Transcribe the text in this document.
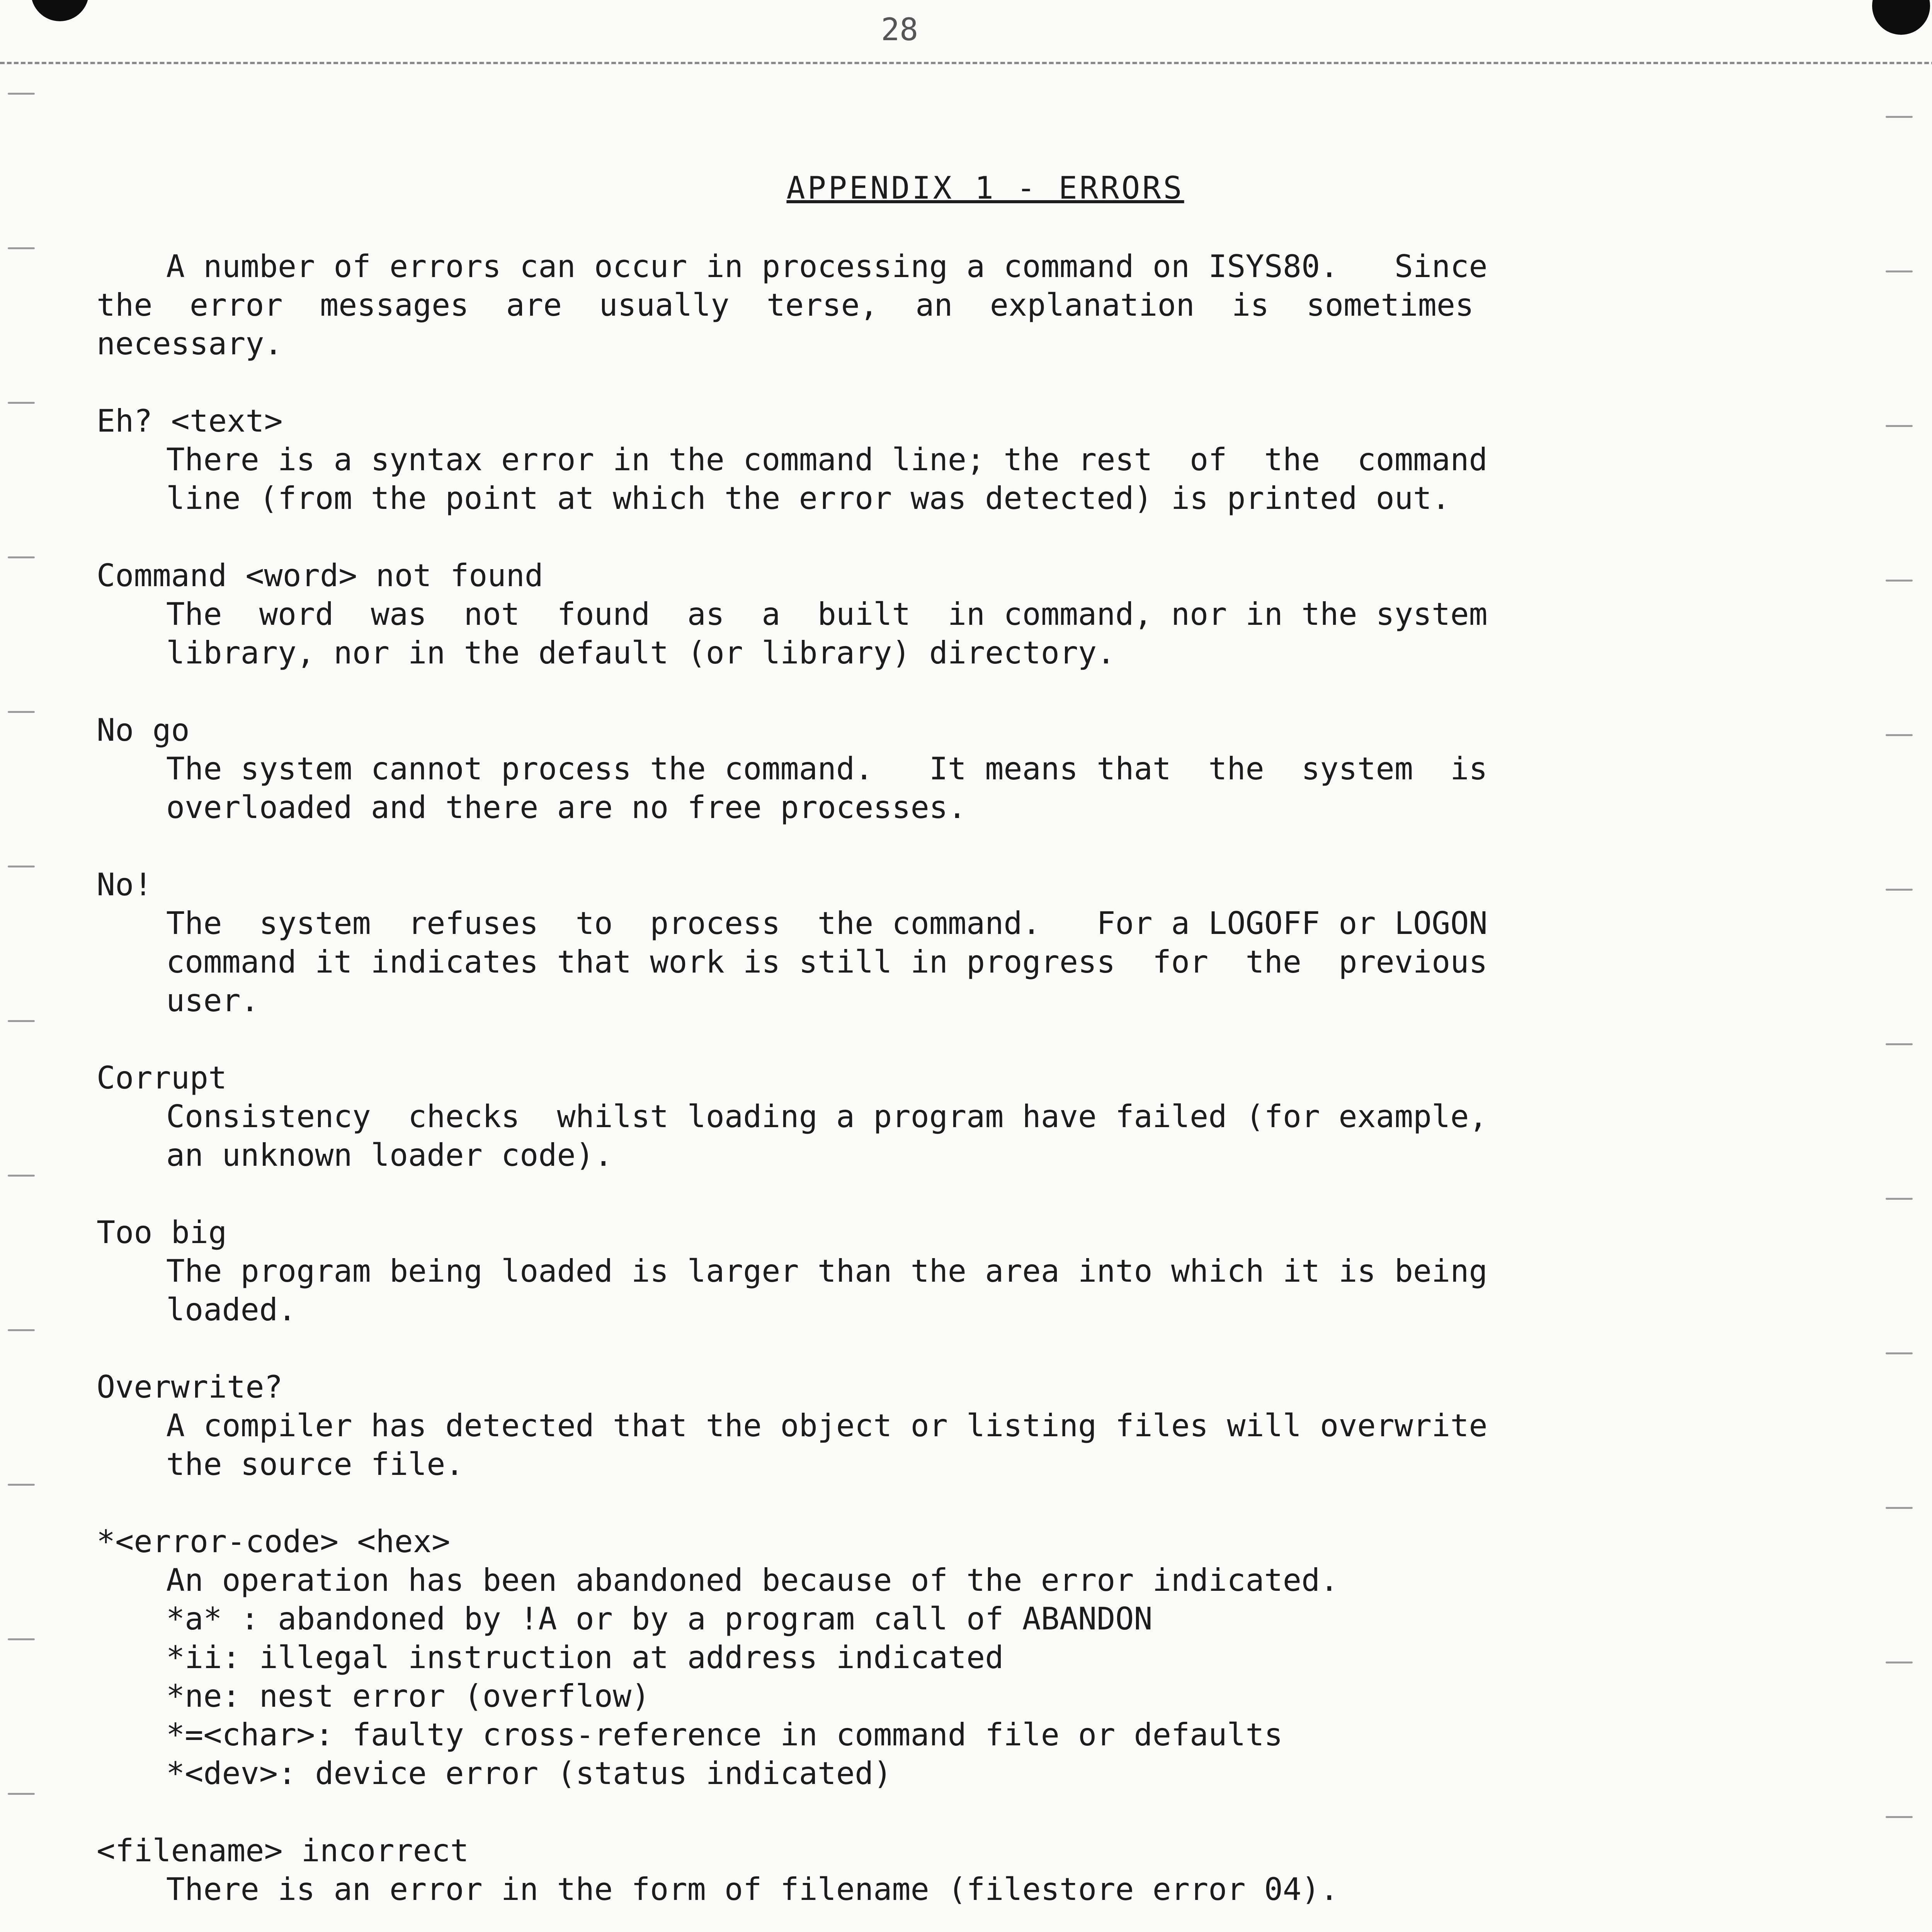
28
APPENDIX 1 - ERRORS
A number of errors can occur in processing a command on ISYS80.   Since
the  error  messages  are  usually  terse,  an  explanation  is  sometimes
necessary.
Eh? <text>
There is a syntax error in the command line; the rest  of  the  command
line (from the point at which the error was detected) is printed out.
Command <word> not found
The  word  was  not  found  as  a  built  in command, nor in the system
library, nor in the default (or library) directory.
No go
The system cannot process the command.   It means that  the  system  is
overloaded and there are no free processes.
No!
The  system  refuses  to  process  the command.   For a LOGOFF or LOGON
command it indicates that work is still in progress  for  the  previous
user.
Corrupt
Consistency  checks  whilst loading a program have failed (for example,
an unknown loader code).
Too big
The program being loaded is larger than the area into which it is being
loaded.
Overwrite?
A compiler has detected that the object or listing files will overwrite
the source file.
*<error-code> <hex>
An operation has been abandoned because of the error indicated.
*a* : abandoned by !A or by a program call of ABANDON
*ii: illegal instruction at address indicated
*ne: nest error (overflow)
*=<char>: faulty cross-reference in command file or defaults
*<dev>: device error (status indicated)
<filename> incorrect
There is an error in the form of filename (filestore error 04).
